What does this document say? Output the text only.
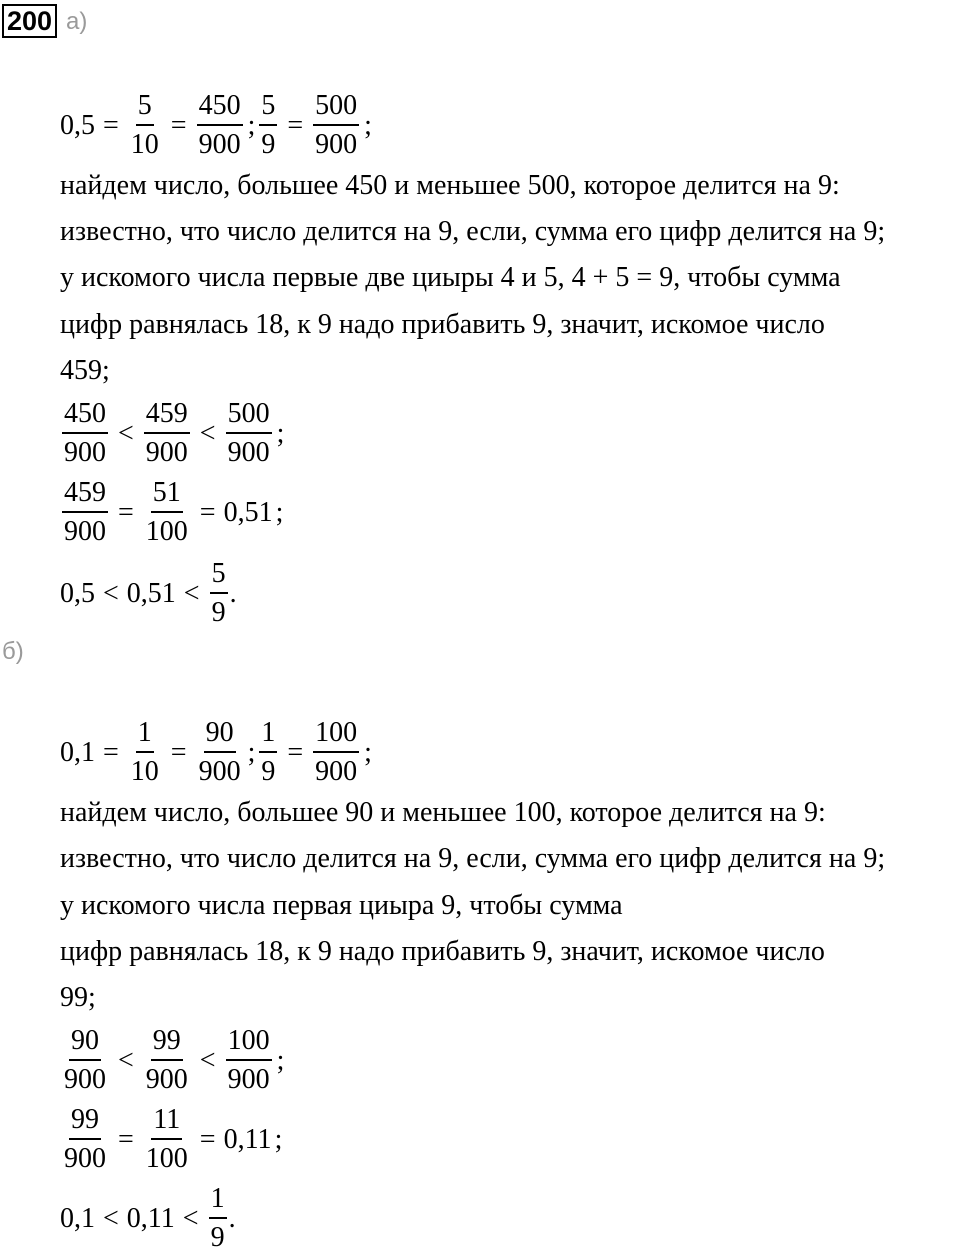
200 а)
$0,5 = \frac{5}{10} = \frac{450}{900}$ ; $\frac{5}{9} = \frac{500}{900}$ ;
найдем число, большее 450 и меньшее 500, которое делится на 9:
известно, что число делится на 9, если, сумма его цифр делится на 9;
у искомого числа первые две циыры 4 и 5, 4 + 5 = 9, чтобы сумма
цифр равнялась 18, к 9 надо прибавить 9, значит, искомое число
459;
$\frac{450}{900} < \frac{459}{900} < \frac{500}{900}$ ;
$\frac{459}{900} = \frac{51}{100} = 0,51$ ;
$0,5 < 0,51 < \frac{5}{9}$ .
б)
$0,1 = \frac{1}{10} = \frac{90}{900}$ ; $\frac{1}{9} = \frac{100}{900}$ ;
найдем число, большее 90 и меньшее 100, которое делится на 9:
известно, что число делится на 9, если, сумма его цифр делится на 9;
у искомого числа первая циыра 9, чтобы сумма
цифр равнялась 18, к 9 надо прибавить 9, значит, искомое число
99;
$\frac{90}{900} < \frac{99}{900} < \frac{100}{900}$ ;
$\frac{99}{900} = \frac{11}{100} = 0,11$ ;
$0,1 < 0,11 < \frac{1}{9}$ .
